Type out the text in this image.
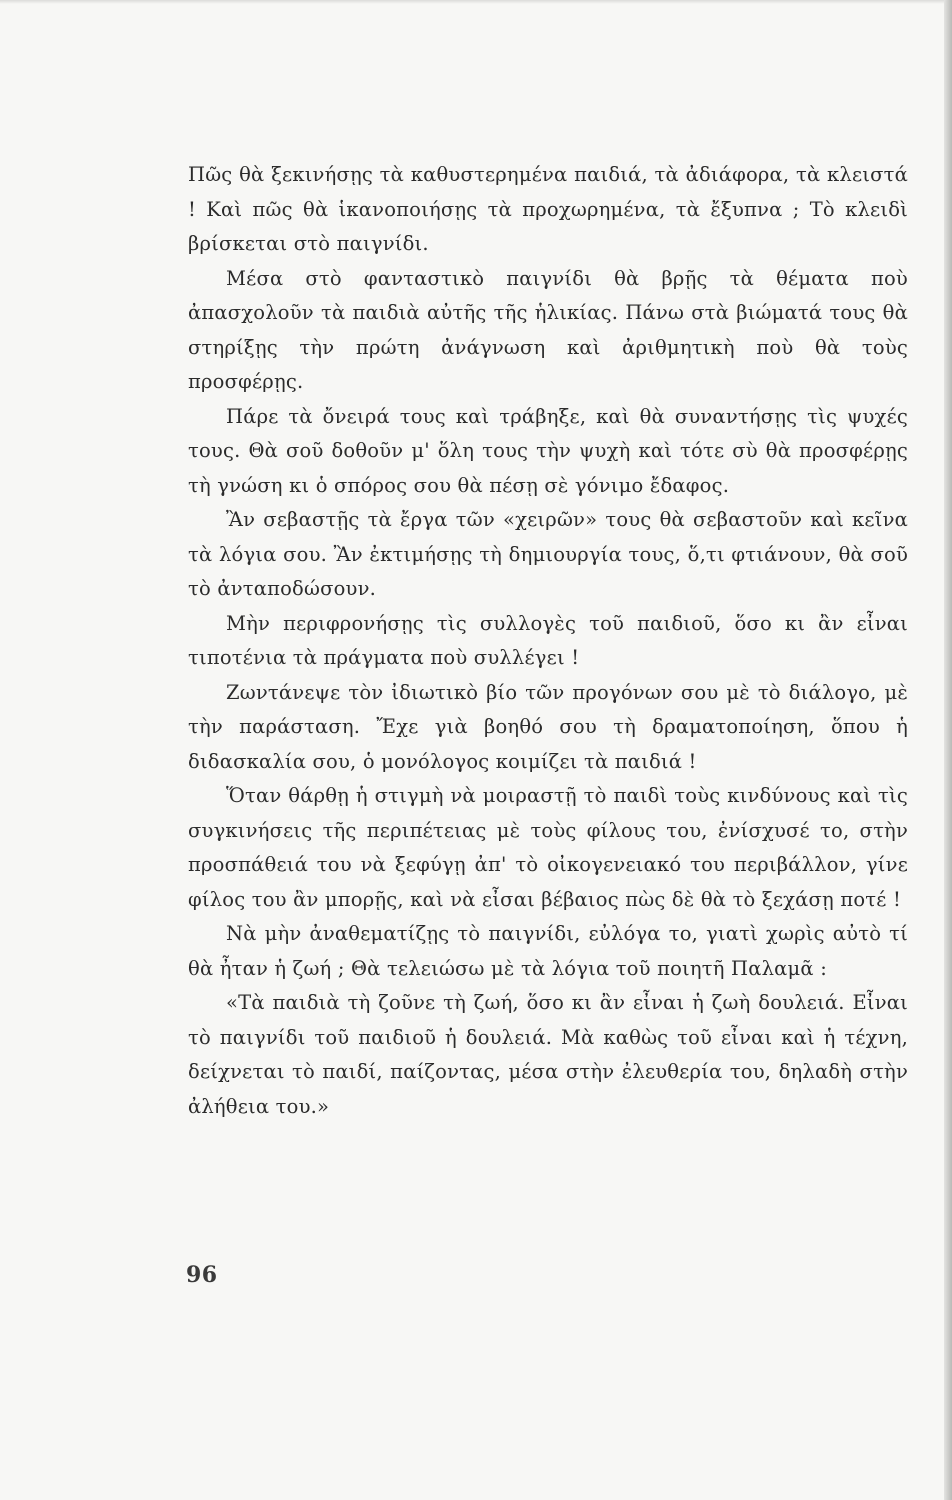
Πῶς θὰ ξεκινήσῃς τὰ καθυστερημένα παιδιά, τὰ ἀδιάφορα, τὰ κλειστά ! Καὶ πῶς θὰ ἱκανοποιήσῃς τὰ προχωρημένα, τὰ ἔξυπνα ; Τὸ κλειδὶ βρίσκεται στὸ παιγνίδι.

Μέσα στὸ φανταστικὸ παιγνίδι θὰ βρῇς τὰ θέματα ποὺ ἀπασχολοῦν τὰ παιδιὰ αὐτῆς τῆς ἡλικίας. Πάνω στὰ βιώματά τους θὰ στηρίξῃς τὴν πρώτη ἀνάγνωση καὶ ἀριθμητικὴ ποὺ θὰ τοὺς προσφέρῃς.

Πάρε τὰ ὄνειρά τους καὶ τράβηξε, καὶ θὰ συναντήσῃς τὶς ψυχές τους. Θὰ σοῦ δοθοῦν μ' ὅλη τους τὴν ψυχὴ καὶ τότε σὺ θὰ προσφέρῃς τὴ γνώση κι ὁ σπόρος σου θὰ πέσῃ σὲ γόνιμο ἔδαφος.

Ἂν σεβαστῇς τὰ ἔργα τῶν «χειρῶν» τους θὰ σεβαστοῦν καὶ κεῖνα τὰ λόγια σου. Ἂν ἐκτιμήσῃς τὴ δημιουργία τους, ὅ,τι φτιάνουν, θὰ σοῦ τὸ ἀνταποδώσουν.

Μὴν περιφρονήσῃς τὶς συλλογὲς τοῦ παιδιοῦ, ὅσο κι ἂν εἶναι τιποτένια τὰ πράγματα ποὺ συλλέγει !

Ζωντάνεψε τὸν ἰδιωτικὸ βίο τῶν προγόνων σου μὲ τὸ διάλογο, μὲ τὴν παράσταση. Ἔχε γιὰ βοηθό σου τὴ δραματοποίηση, ὅπου ἡ διδασκαλία σου, ὁ μονόλογος κοιμίζει τὰ παιδιά !

Ὅταν θάρθῃ ἡ στιγμὴ νὰ μοιραστῇ τὸ παιδὶ τοὺς κινδύνους καὶ τὶς συγκινήσεις τῆς περιπέτειας μὲ τοὺς φίλους του, ἐνίσχυσέ το, στὴν προσπάθειά του νὰ ξεφύγῃ ἀπ' τὸ οἰκογενειακό του περιβάλλον, γίνε φίλος του ἂν μπορῇς, καὶ νὰ εἶσαι βέβαιος πὼς δὲ θὰ τὸ ξεχάσῃ ποτέ !

Νὰ μὴν ἀναθεματίζῃς τὸ παιγνίδι, εὐλόγα το, γιατὶ χωρὶς αὐτὸ τί θὰ ἦταν ἡ ζωή ; Θὰ τελειώσω μὲ τὰ λόγια τοῦ ποιητῆ Παλαμᾶ :

«Τὰ παιδιὰ τὴ ζοῦνε τὴ ζωή, ὅσο κι ἂν εἶναι ἡ ζωὴ δουλειά. Εἶναι τὸ παιγνίδι τοῦ παιδιοῦ ἡ δουλειά. Μὰ καθὼς τοῦ εἶναι καὶ ἡ τέχνη, δείχνεται τὸ παιδί, παίζοντας, μέσα στὴν ἐλευθερία του, δηλαδὴ στὴν ἀλήθεια του.»

96
